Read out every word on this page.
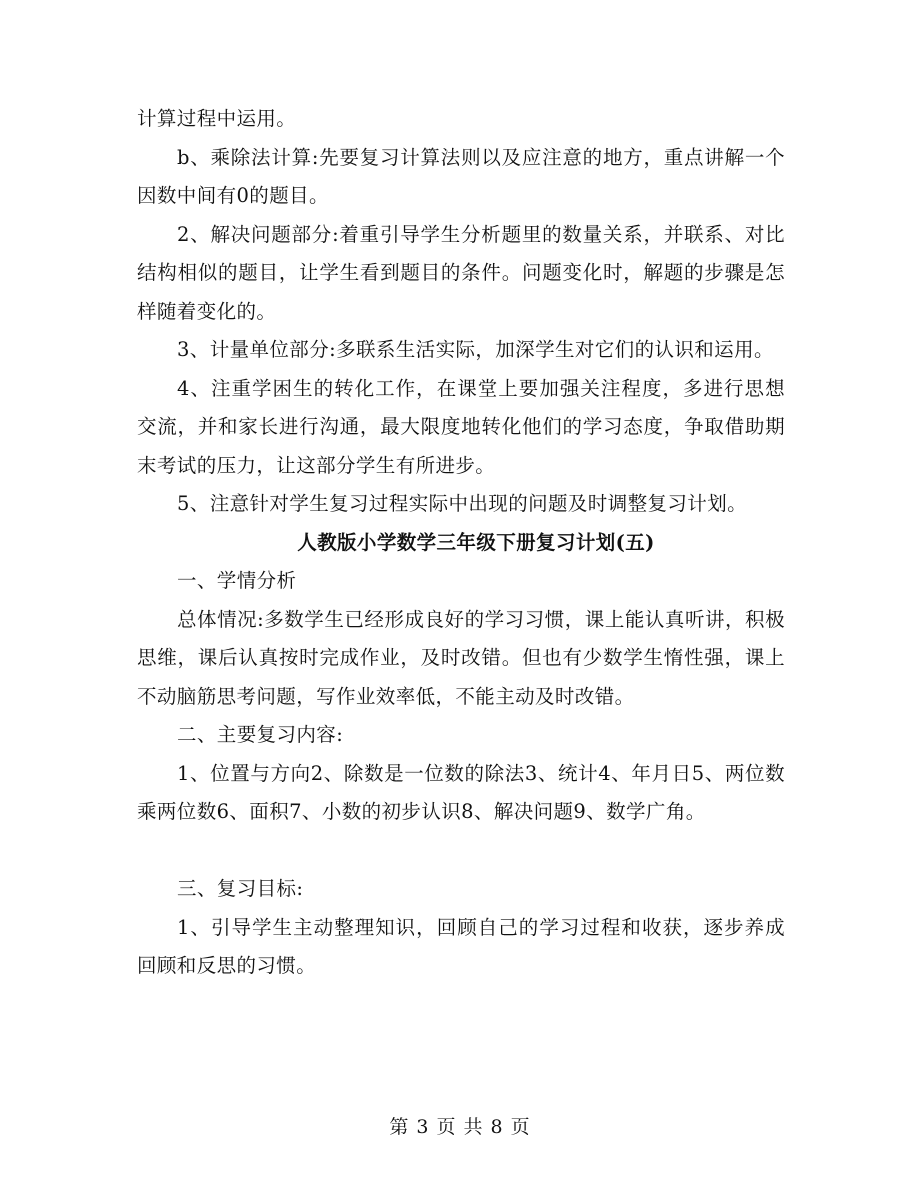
计算过程中运用。

b、乘除法计算:先要复习计算法则以及应注意的地方，重点讲解一个因数中间有0的题目。

2、解决问题部分:着重引导学生分析题里的数量关系，并联系、对比结构相似的题目，让学生看到题目的条件。问题变化时，解题的步骤是怎样随着变化的。

3、计量单位部分:多联系生活实际，加深学生对它们的认识和运用。

4、注重学困生的转化工作，在课堂上要加强关注程度，多进行思想交流，并和家长进行沟通，最大限度地转化他们的学习态度，争取借助期末考试的压力，让这部分学生有所进步。

5、注意针对学生复习过程实际中出现的问题及时调整复习计划。

人教版小学数学三年级下册复习计划(五)

一、学情分析

总体情况:多数学生已经形成良好的学习习惯，课上能认真听讲，积极思维，课后认真按时完成作业，及时改错。但也有少数学生惰性强，课上不动脑筋思考问题，写作业效率低，不能主动及时改错。

二、主要复习内容:

1、位置与方向2、除数是一位数的除法3、统计4、年月日5、两位数乘两位数6、面积7、小数的初步认识8、解决问题9、数学广角。

三、复习目标:

1、引导学生主动整理知识，回顾自己的学习过程和收获，逐步养成回顾和反思的习惯。

第 3 页 共 8 页
